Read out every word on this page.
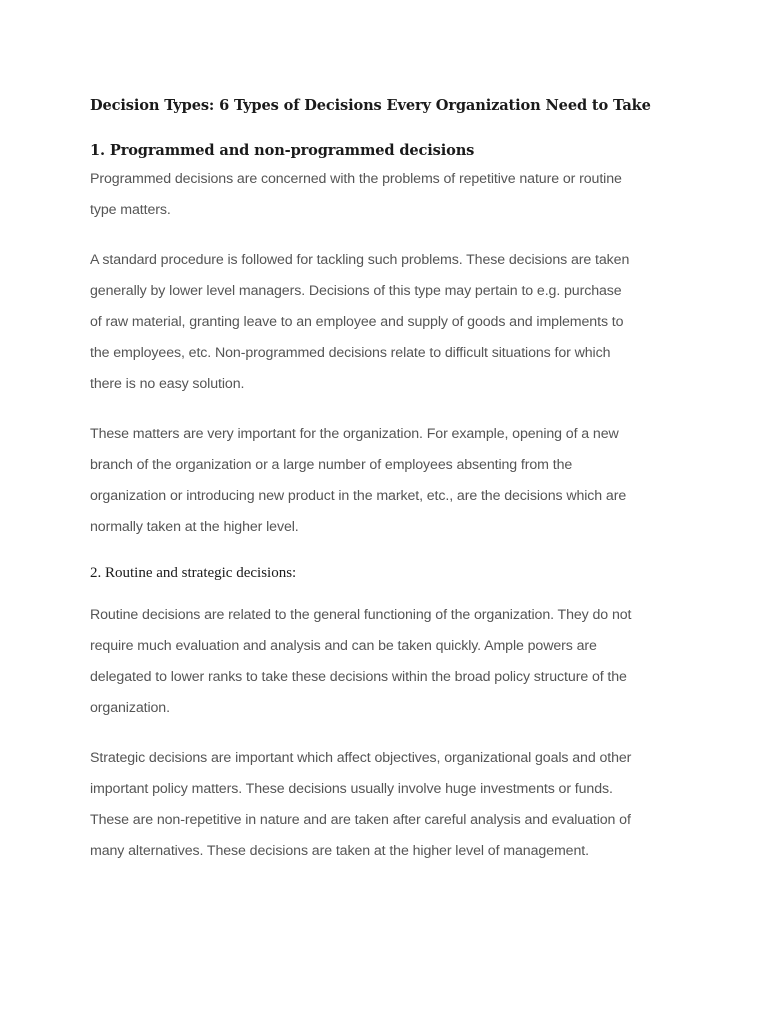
Decision Types: 6 Types of Decisions Every Organization Need to Take
1. Programmed and non-programmed decisions
Programmed decisions are concerned with the problems of repetitive nature or routine
type matters.
A standard procedure is followed for tackling such problems. These decisions are taken
generally by lower level managers. Decisions of this type may pertain to e.g. purchase
of raw material, granting leave to an employee and supply of goods and implements to
the employees, etc. Non-programmed decisions relate to difficult situations for which
there is no easy solution.
These matters are very important for the organization. For example, opening of a new
branch of the organization or a large number of employees absenting from the
organization or introducing new product in the market, etc., are the decisions which are
normally taken at the higher level.
2. Routine and strategic decisions:
Routine decisions are related to the general functioning of the organization. They do not
require much evaluation and analysis and can be taken quickly. Ample powers are
delegated to lower ranks to take these decisions within the broad policy structure of the
organization.
Strategic decisions are important which affect objectives, organizational goals and other
important policy matters. These decisions usually involve huge investments or funds.
These are non-repetitive in nature and are taken after careful analysis and evaluation of
many alternatives. These decisions are taken at the higher level of management.
